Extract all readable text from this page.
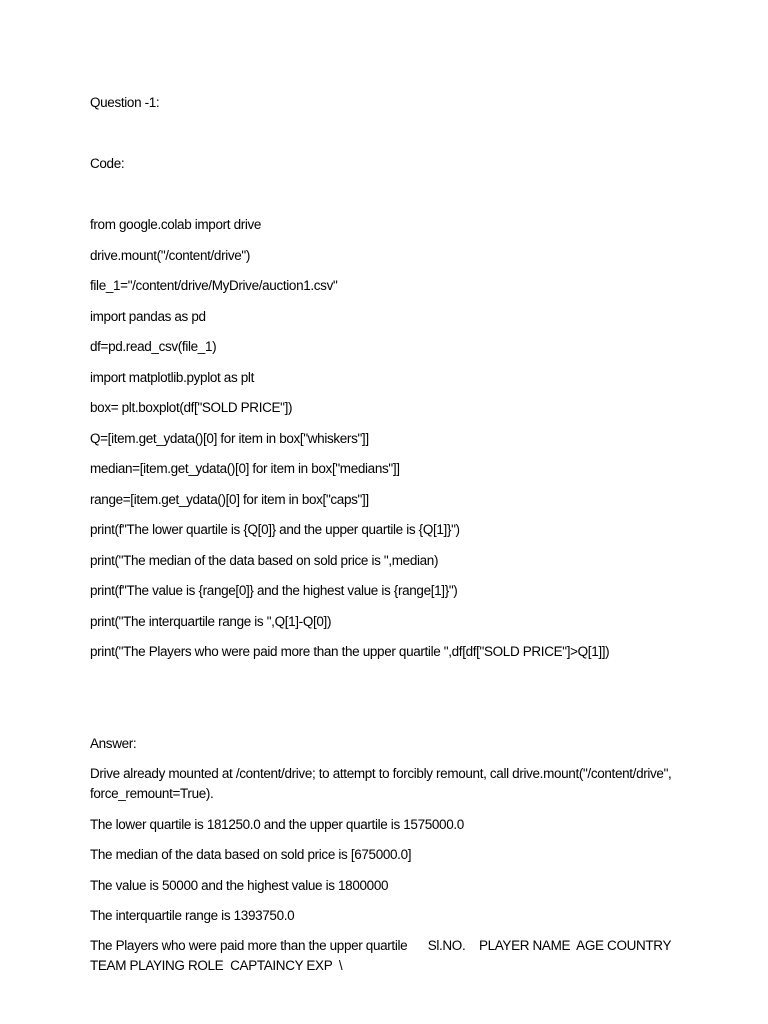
Question -1:
Code:
from google.colab import drive
drive.mount("/content/drive")
file_1="/content/drive/MyDrive/auction1.csv"
import pandas as pd
df=pd.read_csv(file_1)
import matplotlib.pyplot as plt
box= plt.boxplot(df["SOLD PRICE"])
Q=[item.get_ydata()[0] for item in box["whiskers"]]
median=[item.get_ydata()[0] for item in box["medians"]]
range=[item.get_ydata()[0] for item in box["caps"]]
print(f"The lower quartile is {Q[0]} and the upper quartile is {Q[1]}")
print("The median of the data based on sold price is ",median)
print(f"The value is {range[0]} and the highest value is {range[1]}")
print("The interquartile range is ",Q[1]-Q[0])
print("The Players who were paid more than the upper quartile ",df[df["SOLD PRICE"]>Q[1]])
Answer:
Drive already mounted at /content/drive; to attempt to forcibly remount, call drive.mount("/content/drive", force_remount=True).
The lower quartile is 181250.0 and the upper quartile is 1575000.0
The median of the data based on sold price is [675000.0]
The value is 50000 and the highest value is 1800000
The interquartile range is 1393750.0
The Players who were paid more than the upper quartile      Sl.NO.    PLAYER NAME  AGE COUNTRY   TEAM PLAYING ROLE  CAPTAINCY EXP  \
